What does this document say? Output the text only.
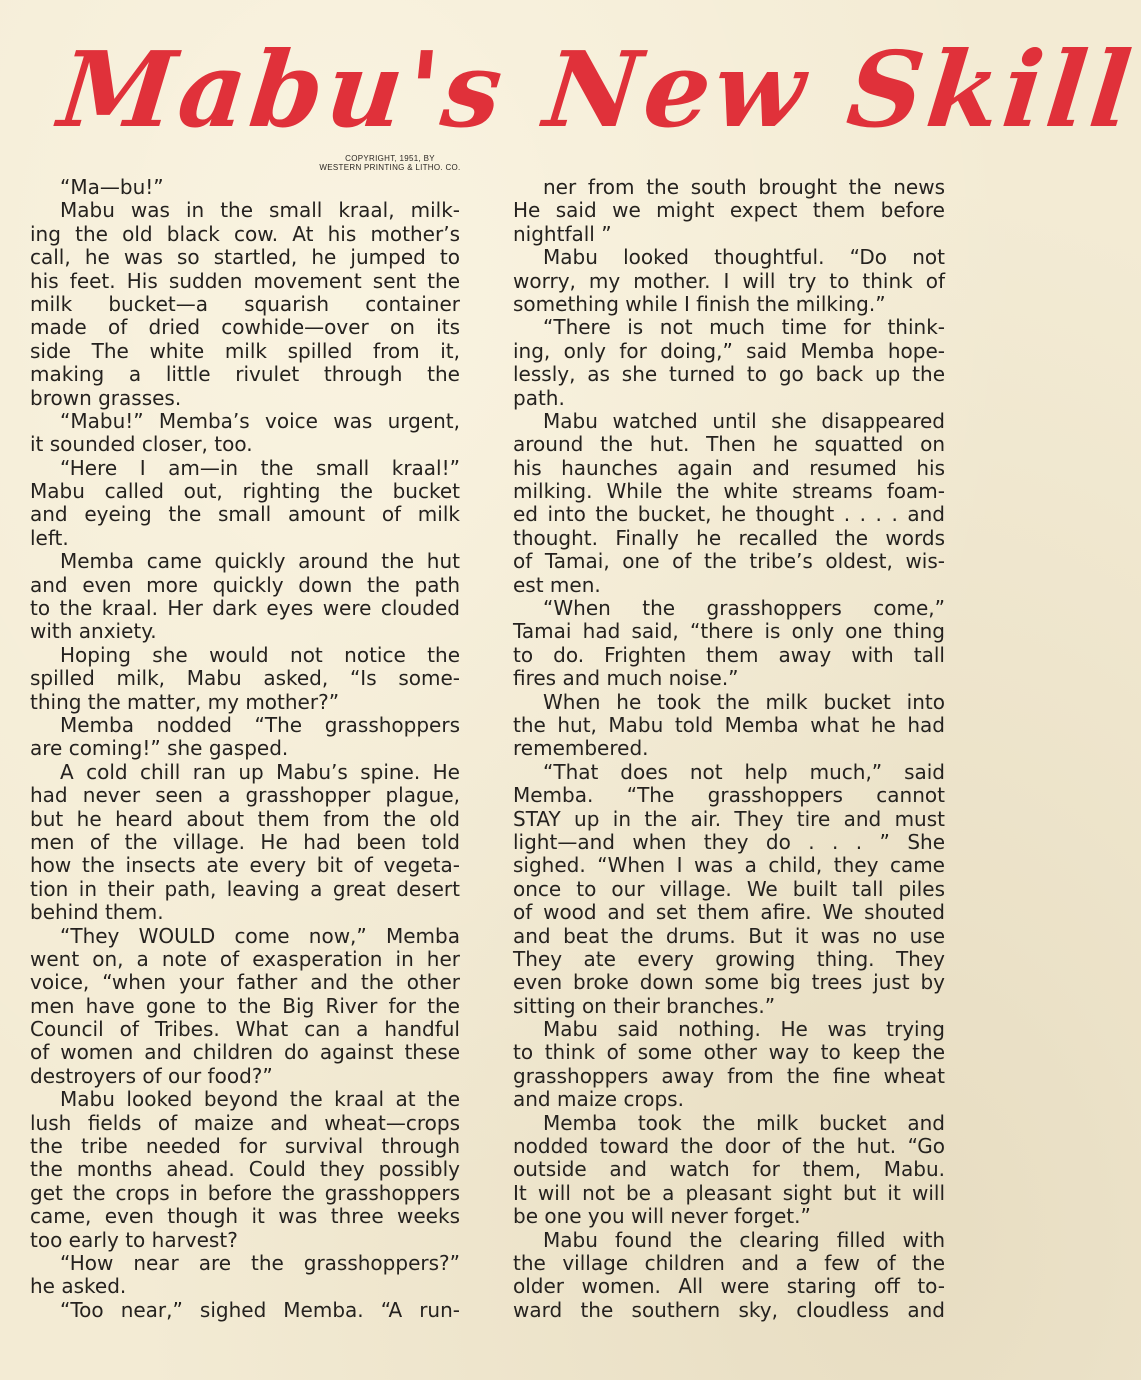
Mabu's New Skill
COPYRIGHT, 1951, BY
WESTERN PRINTING & LITHO. CO.
“Ma—bu!”
Mabu was in the small kraal, milk-
ing the old black cow. At his mother’s
call, he was so startled, he jumped to
his feet. His sudden movement sent the
milk bucket—a squarish container
made of dried cowhide—over on its
side The white milk spilled from it,
making a little rivulet through the
brown grasses.
“Mabu!” Memba’s voice was urgent,
it sounded closer, too.
“Here I am—in the small kraal!”
Mabu called out, righting the bucket
and eyeing the small amount of milk
left.
Memba came quickly around the hut
and even more quickly down the path
to the kraal. Her dark eyes were clouded
with anxiety.
Hoping she would not notice the
spilled milk, Mabu asked, “Is some-
thing the matter, my mother?”
Memba nodded “The grasshoppers
are coming!” she gasped.
A cold chill ran up Mabu’s spine. He
had never seen a grasshopper plague,
but he heard about them from the old
men of the village. He had been told
how the insects ate every bit of vegeta-
tion in their path, leaving a great desert
behind them.
“They WOULD come now,” Memba
went on, a note of exasperation in her
voice, “when your father and the other
men have gone to the Big River for the
Council of Tribes. What can a handful
of women and children do against these
destroyers of our food?”
Mabu looked beyond the kraal at the
lush fields of maize and wheat—crops
the tribe needed for survival through
the months ahead. Could they possibly
get the crops in before the grasshoppers
came, even though it was three weeks
too early to harvest?
“How near are the grasshoppers?”
he asked.
“Too near,” sighed Memba. “A run-
ner from the south brought the news
He said we might expect them before
nightfall ”
Mabu looked thoughtful. “Do not
worry, my mother. I will try to think of
something while I finish the milking.”
“There is not much time for think-
ing, only for doing,” said Memba hope-
lessly, as she turned to go back up the
path.
Mabu watched until she disappeared
around the hut. Then he squatted on
his haunches again and resumed his
milking. While the white streams foam-
ed into the bucket, he thought . . . . and
thought. Finally he recalled the words
of Tamai, one of the tribe’s oldest, wis-
est men.
“When the grasshoppers come,”
Tamai had said, “there is only one thing
to do. Frighten them away with tall
fires and much noise.”
When he took the milk bucket into
the hut, Mabu told Memba what he had
remembered.
“That does not help much,” said
Memba. “The grasshoppers cannot
STAY up in the air. They tire and must
light—and when they do . . . ” She
sighed. “When I was a child, they came
once to our village. We built tall piles
of wood and set them afire. We shouted
and beat the drums. But it was no use
They ate every growing thing. They
even broke down some big trees just by
sitting on their branches.”
Mabu said nothing. He was trying
to think of some other way to keep the
grasshoppers away from the fine wheat
and maize crops.
Memba took the milk bucket and
nodded toward the door of the hut. “Go
outside and watch for them, Mabu.
It will not be a pleasant sight but it will
be one you will never forget.”
Mabu found the clearing filled with
the village children and a few of the
older women. All were staring off to-
ward the southern sky, cloudless and
